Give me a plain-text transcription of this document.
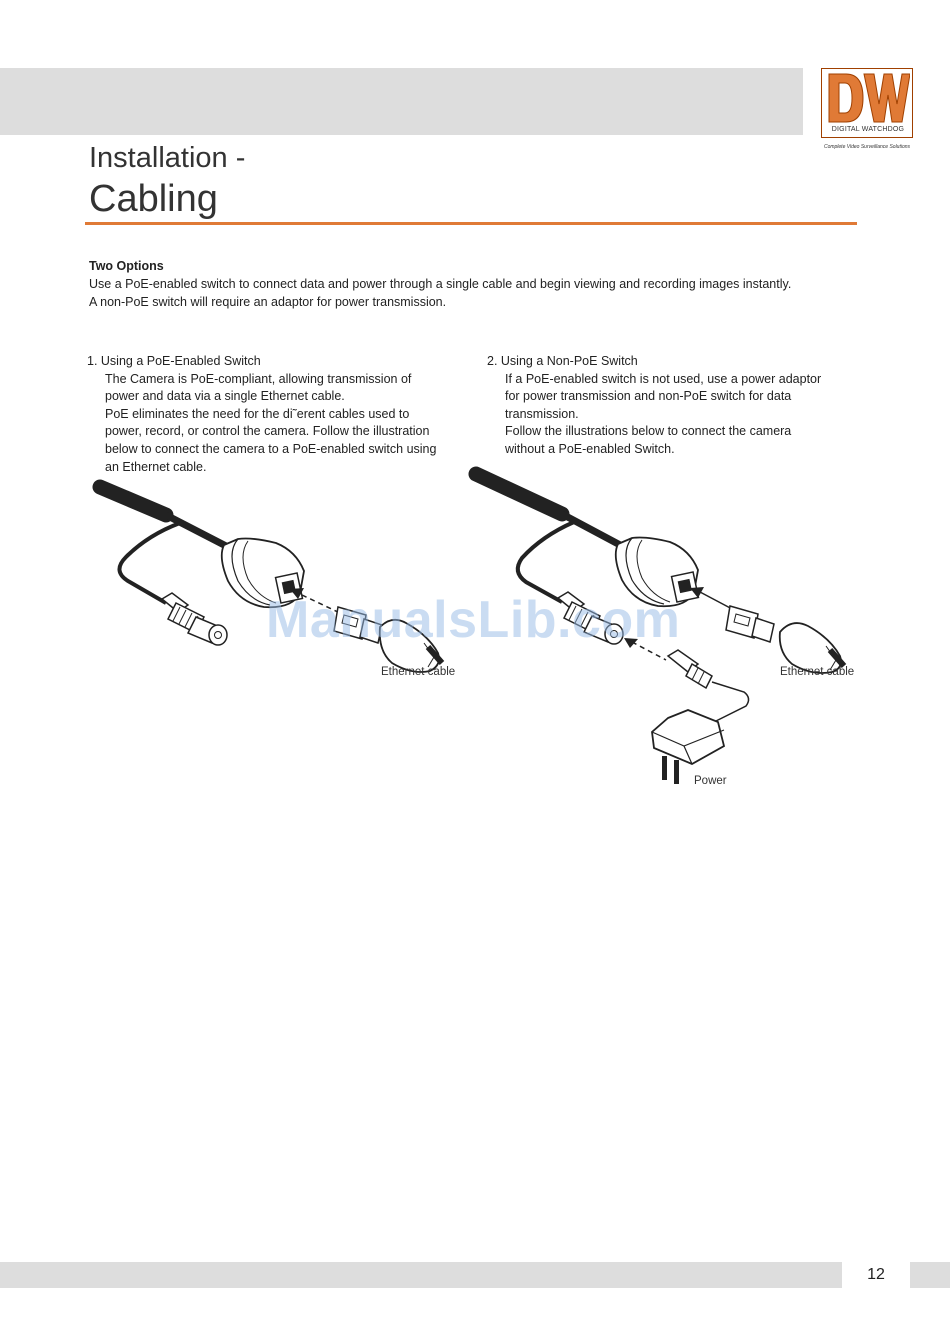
DIGITAL WATCHDOG
Complete Video Surveillance Solutions
Installation -
Cabling
Two Options
Use a PoE-enabled switch to connect data and power through a single cable and begin viewing and recording images instantly.
A non-PoE switch will require an adaptor for power transmission.
1. Using a PoE-Enabled Switch
The Camera is PoE-compliant, allowing transmission of
power and data via a single Ethernet cable.
PoE eliminates the need for the di˜erent cables used to
power, record, or control the camera. Follow the illustration
below to connect the camera to a PoE-enabled switch using
an Ethernet cable.
2. Using a Non-PoE Switch
If a PoE-enabled switch is not used, use a power adaptor
for power transmission and non-PoE switch for data
transmission.
Follow the illustrations below to connect the camera
without a PoE-enabled Switch.
Ethernet cable	Ethernet cable
Power
ManualsLib.com
12
